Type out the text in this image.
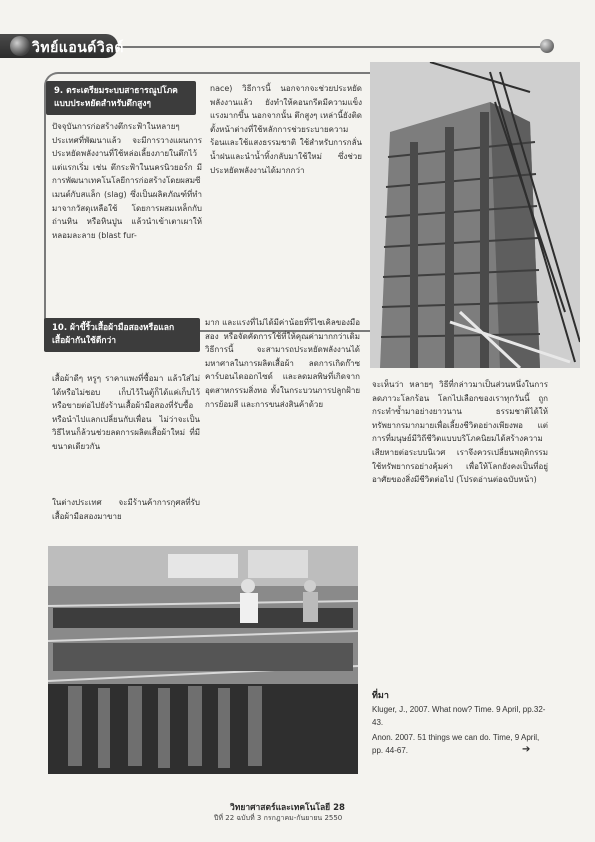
วิทย์แอนด์วิลด์
9. ตระเตรียมระบบสาธารณูปโภคแบบประหยัดสำหรับตึกสูงๆ
ปัจจุบันการก่อสร้างตึกระฟ้าในหลายๆ ประเทศที่พัฒนาแล้ว จะมีการวางแผนการประหยัดพลังงานที่ใช้หล่อเลี้ยงภายในตึกไว้แต่แรกเริ่ม เช่น ตึกระฟ้าในนครนิวยอร์ก มีการพัฒนาเทคโนโลยีการก่อสร้างโดยผสมซีเมนต์กับสแล็ก (slag) ซึ่งเป็นผลิตภัณฑ์ที่ทำมาจากวัสดุเหลือใช้ โดยการผสมเหล็กกับถ่านหิน หรือหินปูน แล้วนำเข้าเตาเผาให้หลอมละลาย (blast fur-
nace) วิธีการนี้ นอกจากจะช่วยประหยัดพลังงานแล้ว ยังทำให้คอนกรีตมีความแข็งแรงมากขึ้น นอกจากนั้น ตึกสูงๆ เหล่านี้ยังติดตั้งหน้าต่างที่ใช้หลักการช่วยระบายความร้อนและใช้แสงธรรมชาติ ใช้สำหรับการกลั่นน้ำฝนและนำน้ำทิ้งกลับมาใช้ใหม่ ซึ่งช่วยประหยัดพลังงานได้มากกว่า
10. ผ้าขี้ริ้วเสื้อผ้ามือสองหรือแลกเสื้อผ้ากันใช้ดีกว่า
เสื้อผ้าดีๆ หรูๆ ราคาแพงที่ซื้อมา แล้วใส่ไม่ได้หรือไม่ชอบ เก็บไว้ในตู้ก็ได้แค่เก็บไว้ หรือขายต่อไปยังร้านเสื้อผ้ามือสองที่รับซื้อ หรือนำไปแลกเปลี่ยนกับเพื่อน ไม่ว่าจะเป็นวิธีไหนก็ล้วนช่วยลดการผลิตเสื้อผ้าใหม่ ที่มีขนาดเดียวกัน
ในต่างประเทศ จะมีร้านค้าการกุศลที่รับเสื้อผ้ามือสองมาขาย
มาก และแรงที่ไม่ได้มีค่าน้อยที่รีไซเคิลของมือสอง หรือจัดคัดการใช้ที่ให้คุณค่ามากกว่าเดิม วิธีการนี้ จะสามารถประหยัดพลังงานได้มหาศาลในการผลิตเสื้อผ้า ลดการเกิดก๊าซคาร์บอนไดออกไซด์ และลดมลพิษที่เกิดจากอุตสาหกรรมสิ่งทอ ทั้งในกระบวนการปลูกฝ้าย การย้อมสี และการขนส่งสินค้าด้วย
จะเห็นว่า หลายๆ วิธีที่กล่าวมาเป็นส่วนหนึ่งในการลดภาวะโลกร้อน โลกไปเลือกของเราทุกวันนี้ ถูกกระทำซ้ำมาอย่างยาวนาน ธรรมชาติได้ให้ทรัพยากรมากมายเพื่อเลี้ยงชีวิตอย่างเพียงพอ แต่การที่มนุษย์มีวิถีชีวิตแบบบริโภคนิยมได้สร้างความเสียหายต่อระบบนิเวศ เราจึงควรเปลี่ยนพฤติกรรม ใช้ทรัพยากรอย่างคุ้มค่า เพื่อให้โลกยังคงเป็นที่อยู่อาศัยของสิ่งมีชีวิตต่อไป (โปรดอ่านต่อฉบับหน้า)
ที่มา
Kluger, J., 2007. What now? Time. 9 April, pp.32-43.
Anon. 2007. 51 things we can do. Time, 9 April, pp. 44-67.	➔
วิทยาศาสตร์และเทคโนโลยี 28
ปีที่ 22 ฉบับที่ 3 กรกฎาคม-กันยายน 2550
